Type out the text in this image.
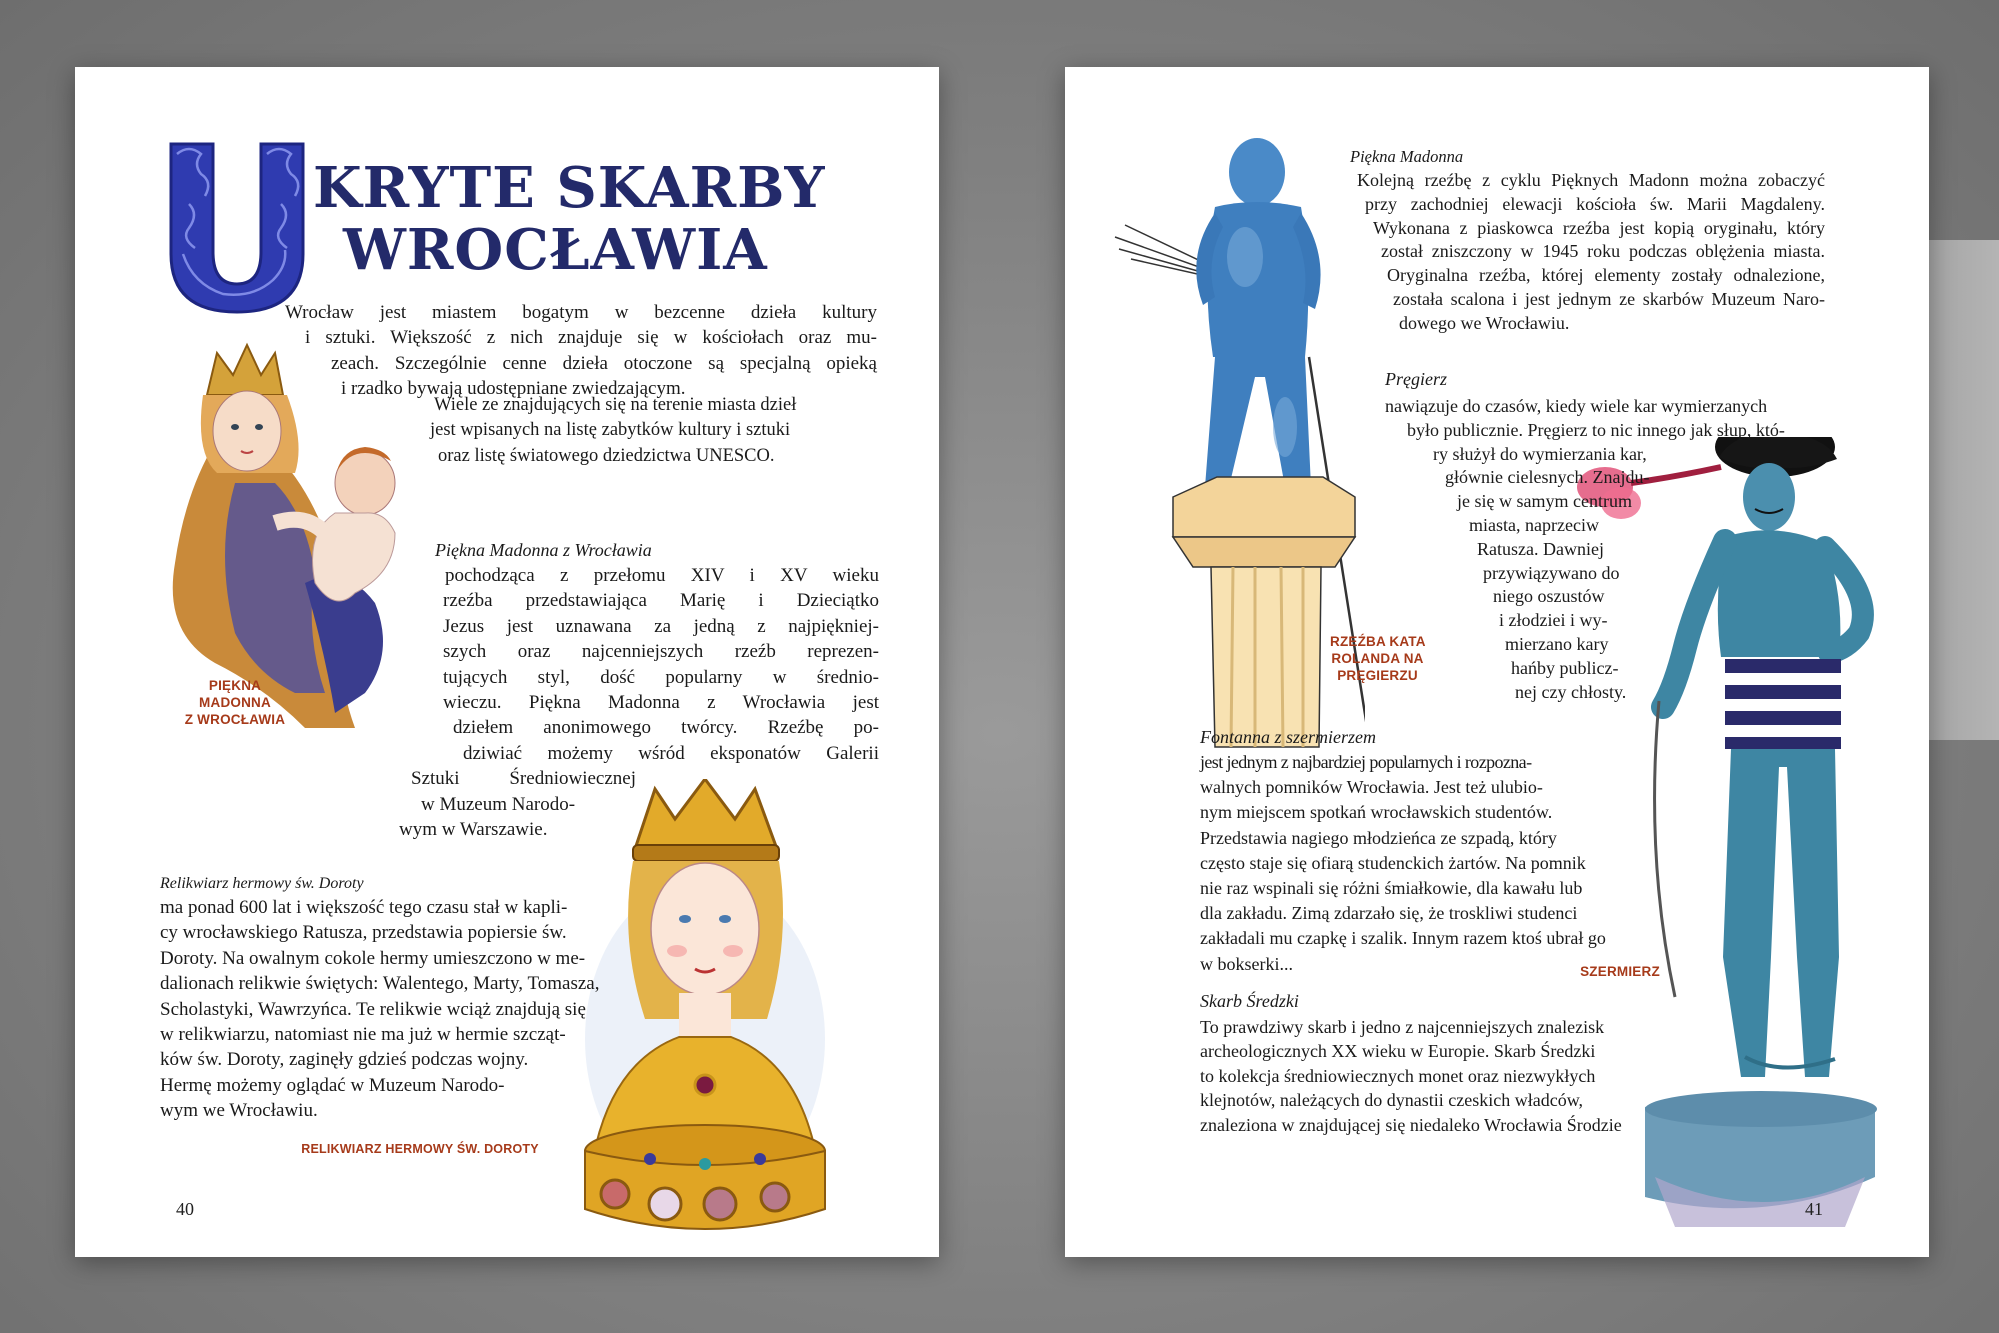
KRYTE SKARBY
WROCŁAWIA
Wrocław jest miastem bogatym w bezcenne dzieła kultury
i sztuki. Większość z nich znajduje się w kościołach oraz mu-
zeach. Szczególnie cenne dzieła otoczone są specjalną opieką
i rzadko bywają udostępniane zwiedzającym.
PIĘKNA
MADONNA
Z WROCŁAWIA
Wiele ze znajdujących się na terenie miasta dzieł
jest wpisanych na listę zabytków kultury i sztuki
oraz listę światowego dziedzictwa UNESCO.
Piękna Madonna z Wrocławia
pochodząca z przełomu XIV i XV wieku
rzeźba przedstawiająca Marię i Dzieciątko
Jezus jest uznawana za jedną z najpiękniej-
szych oraz najcenniejszych rzeźb reprezen-
tujących styl, dość popularny w średnio-
wieczu. Piękna Madonna z Wrocławia jest
dziełem anonimowego twórcy. Rzeźbę po-
dziwiać możemy wśród eksponatów Galerii
Sztuki Średniowiecznej
w Muzeum Narodo-
wym w Warszawie.
Relikwiarz hermowy św. Doroty
ma ponad 600 lat i większość tego czasu stał w kapli-
cy wrocławskiego Ratusza, przedstawia popiersie św.
Doroty. Na owalnym cokole hermy umieszczono w me-
dalionach relikwie świętych: Walentego, Marty, Tomasza,
Scholastyki, Wawrzyńca. Te relikwie wciąż znajdują się
w relikwiarzu, natomiast nie ma już w hermie szcząt-
ków św. Doroty, zaginęły gdzieś podczas wojny.
Hermę możemy oglądać w Muzeum Narodo-
wym we Wrocławiu.
RELIKWIARZ HERMOWY ŚW. DOROTY
40
RZEŹBA KATA
ROLANDA NA
PRĘGIERZU
Piękna Madonna
Kolejną rzeźbę z cyklu Pięknych Madonn można zobaczyć
przy zachodniej elewacji kościoła św. Marii Magdaleny.
Wykonana z piaskowca rzeźba jest kopią oryginału, który
został zniszczony w 1945 roku podczas oblężenia miasta.
Oryginalna rzeźba, której elementy zostały odnalezione,
została scalona i jest jednym ze skarbów Muzeum Naro-
dowego we Wrocławiu.
Pręgierz
nawiązuje do czasów, kiedy wiele kar wymierzanych
było publicznie. Pręgierz to nic innego jak słup, któ-
ry służył do wymierzania kar,
głównie cielesnych. Znajdu-
je się w samym centrum
miasta, naprzeciw
Ratusza. Dawniej
przywiązywano do
niego oszustów
i złodziei i wy-
mierzano kary
hańby publicz-
nej czy chłosty.
Fontanna z szermierzem
jest jednym z najbardziej popularnych i rozpozna-
walnych pomników Wrocławia. Jest też ulubio-
nym miejscem spotkań wrocławskich studentów.
Przedstawia nagiego młodzieńca ze szpadą, który
często staje się ofiarą studenckich żartów. Na pomnik
nie raz wspinali się różni śmiałkowie, dla kawału lub
dla zakładu. Zimą zdarzało się, że troskliwi studenci
zakładali mu czapkę i szalik. Innym razem ktoś ubrał go
w bokserki...	SZERMIERZ
Skarb Średzki
To prawdziwy skarb i jedno z najcenniejszych znalezisk
archeologicznych XX wieku w Europie. Skarb Średzki
to kolekcja średniowiecznych monet oraz niezwykłych
klejnotów, należących do dynastii czeskich władców,
znaleziona w znajdującej się niedaleko Wrocławia Środzie
41
